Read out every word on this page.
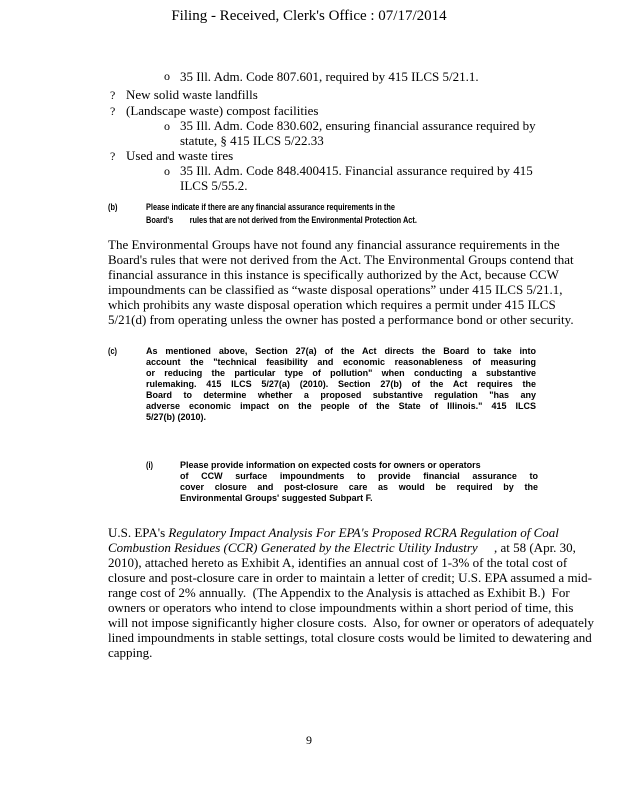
Filing - Received, Clerk's Office : 07/17/2014
o 35 Ill. Adm. Code 807.601, required by 415 ILCS 5/21.1.
? New solid waste landfills
? (Landscape waste) compost facilities
o 35 Ill. Adm. Code 830.602, ensuring financial assurance required by
statute, § 415 ILCS 5/22.33
? Used and waste tires
o 35 Ill. Adm. Code 848.400415. Financial assurance required by 415
ILCS 5/55.2.
(b)	Please indicate if there are any financial assurance requirements in the
Board's        rules that are not derived from the Environmental Protection Act.
The Environmental Groups have not found any financial assurance requirements in the Board's rules that were not derived from the Act. The Environmental Groups contend that financial assurance in this instance is specifically authorized by the Act, because CCW impoundments can be classified as “waste disposal operations” under 415 ILCS 5/21.1, which prohibits any waste disposal operation which requires a permit under 415 ILCS 5/21(d) from operating unless the owner has posted a performance bond or other security.
(c)	As mentioned above, Section 27(a) of the Act directs the Board to take into
account the "technical feasibility and economic reasonableness of measuring
or reducing the particular type of pollution" when conducting a substantive
rulemaking. 415 ILCS 5/27(a) (2010). Section 27(b) of the Act requires the
Board to determine whether a proposed substantive regulation "has any
adverse economic impact on the people of the State of Illinois." 415 ILCS
5/27(b) (2010).
(i)	Please provide information on expected costs for owners or operators
of CCW surface impoundments to provide financial assurance to
cover closure and post-closure care as would be required by the
Environmental Groups' suggested Subpart F.
U.S. EPA's Regulatory Impact Analysis For EPA's Proposed RCRA Regulation of Coal Combustion Residues (CCR) Generated by the Electric Utility Industry     , at 58 (Apr. 30, 2010), attached hereto as Exhibit A, identifies an annual cost of 1-3% of the total cost of closure and post-closure care in order to maintain a letter of credit; U.S. EPA assumed a mid-range cost of 2% annually.  (The Appendix to the Analysis is attached as Exhibit B.)  For owners or operators who intend to close impoundments within a short period of time, this will not impose significantly higher closure costs.  Also, for owner or operators of adequately lined impoundments in stable settings, total closure costs would be limited to dewatering and capping.
9
